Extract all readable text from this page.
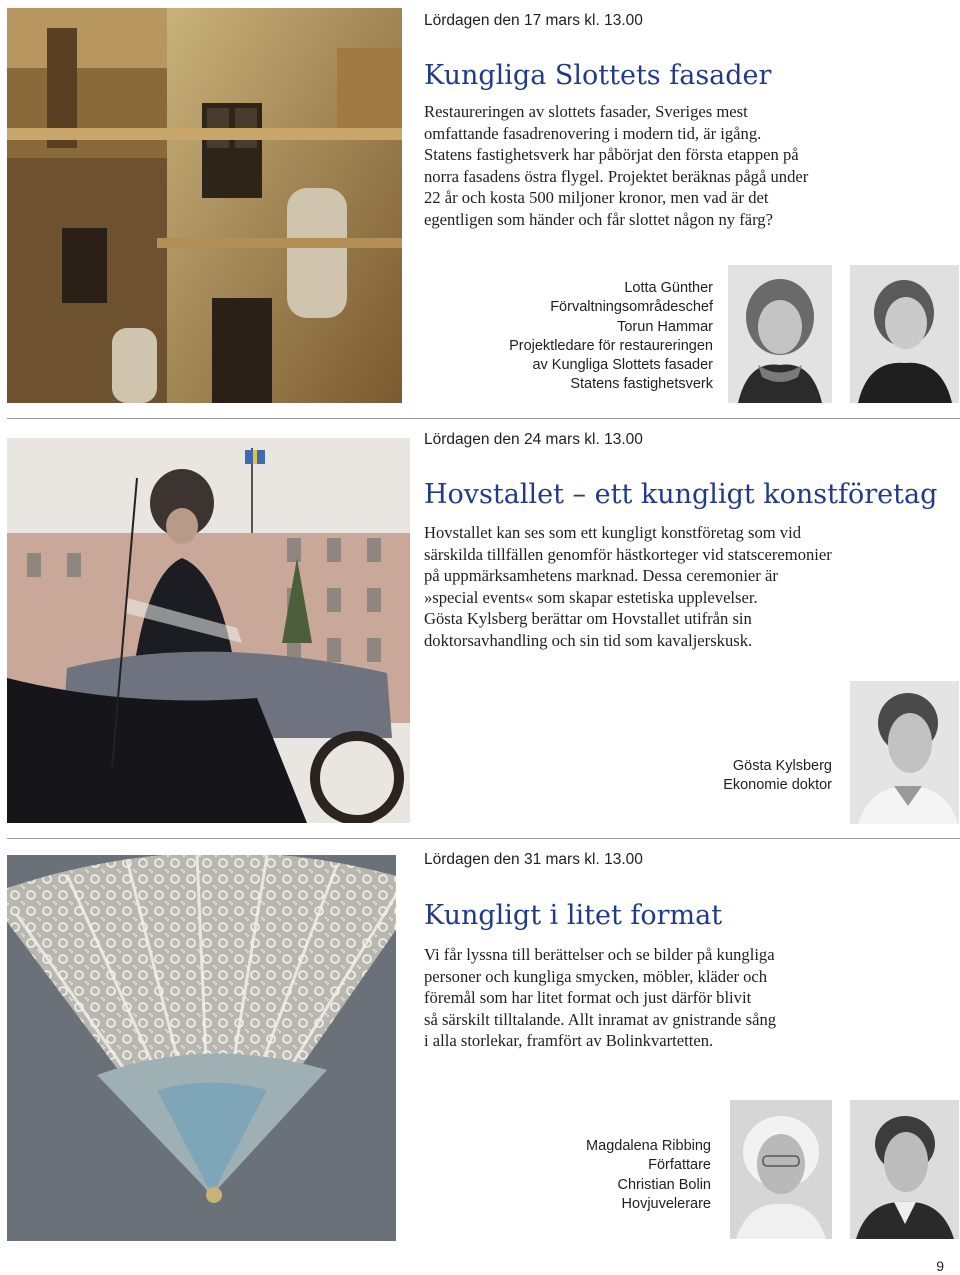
Lördagen den 17 mars kl. 13.00
Kungliga Slottets fasader
Restaureringen av slottets fasader, Sveriges mest
omfattande fasadrenovering i modern tid, är igång.
Statens fastighetsverk har påbörjat den första etappen på
norra fasadens östra flygel. Projektet beräknas pågå under
22 år och kosta 500 miljoner kronor, men vad är det
egentligen som händer och får slottet någon ny färg?
Lotta Günther
Förvaltningsområdeschef
Torun Hammar
Projektledare för restaureringen
av Kungliga Slottets fasader
Statens fastighetsverk
Lördagen den 24 mars kl. 13.00
Hovstallet – ett kungligt konstföretag
Hovstallet kan ses som ett kungligt konstföretag som vid
särskilda tillfällen genomför hästkorteger vid statsceremonier
på uppmärksamhetens marknad. Dessa ceremonier är
»special events« som skapar estetiska upplevelser.
Gösta Kylsberg berättar om Hovstallet utifrån sin
doktorsavhandling och sin tid som kavaljerskusk.
Gösta Kylsberg
Ekonomie doktor
Lördagen den 31 mars kl. 13.00
Kungligt i litet format
Vi får lyssna till berättelser och se bilder på kungliga
personer och kungliga smycken, möbler, kläder och
föremål som har litet format och just därför blivit
så särskilt tilltalande. Allt inramat av gnistrande sång
i alla storlekar, framfört av Bolinkvartetten.
Magdalena Ribbing
Författare
Christian Bolin
Hovjuvelerare
9
